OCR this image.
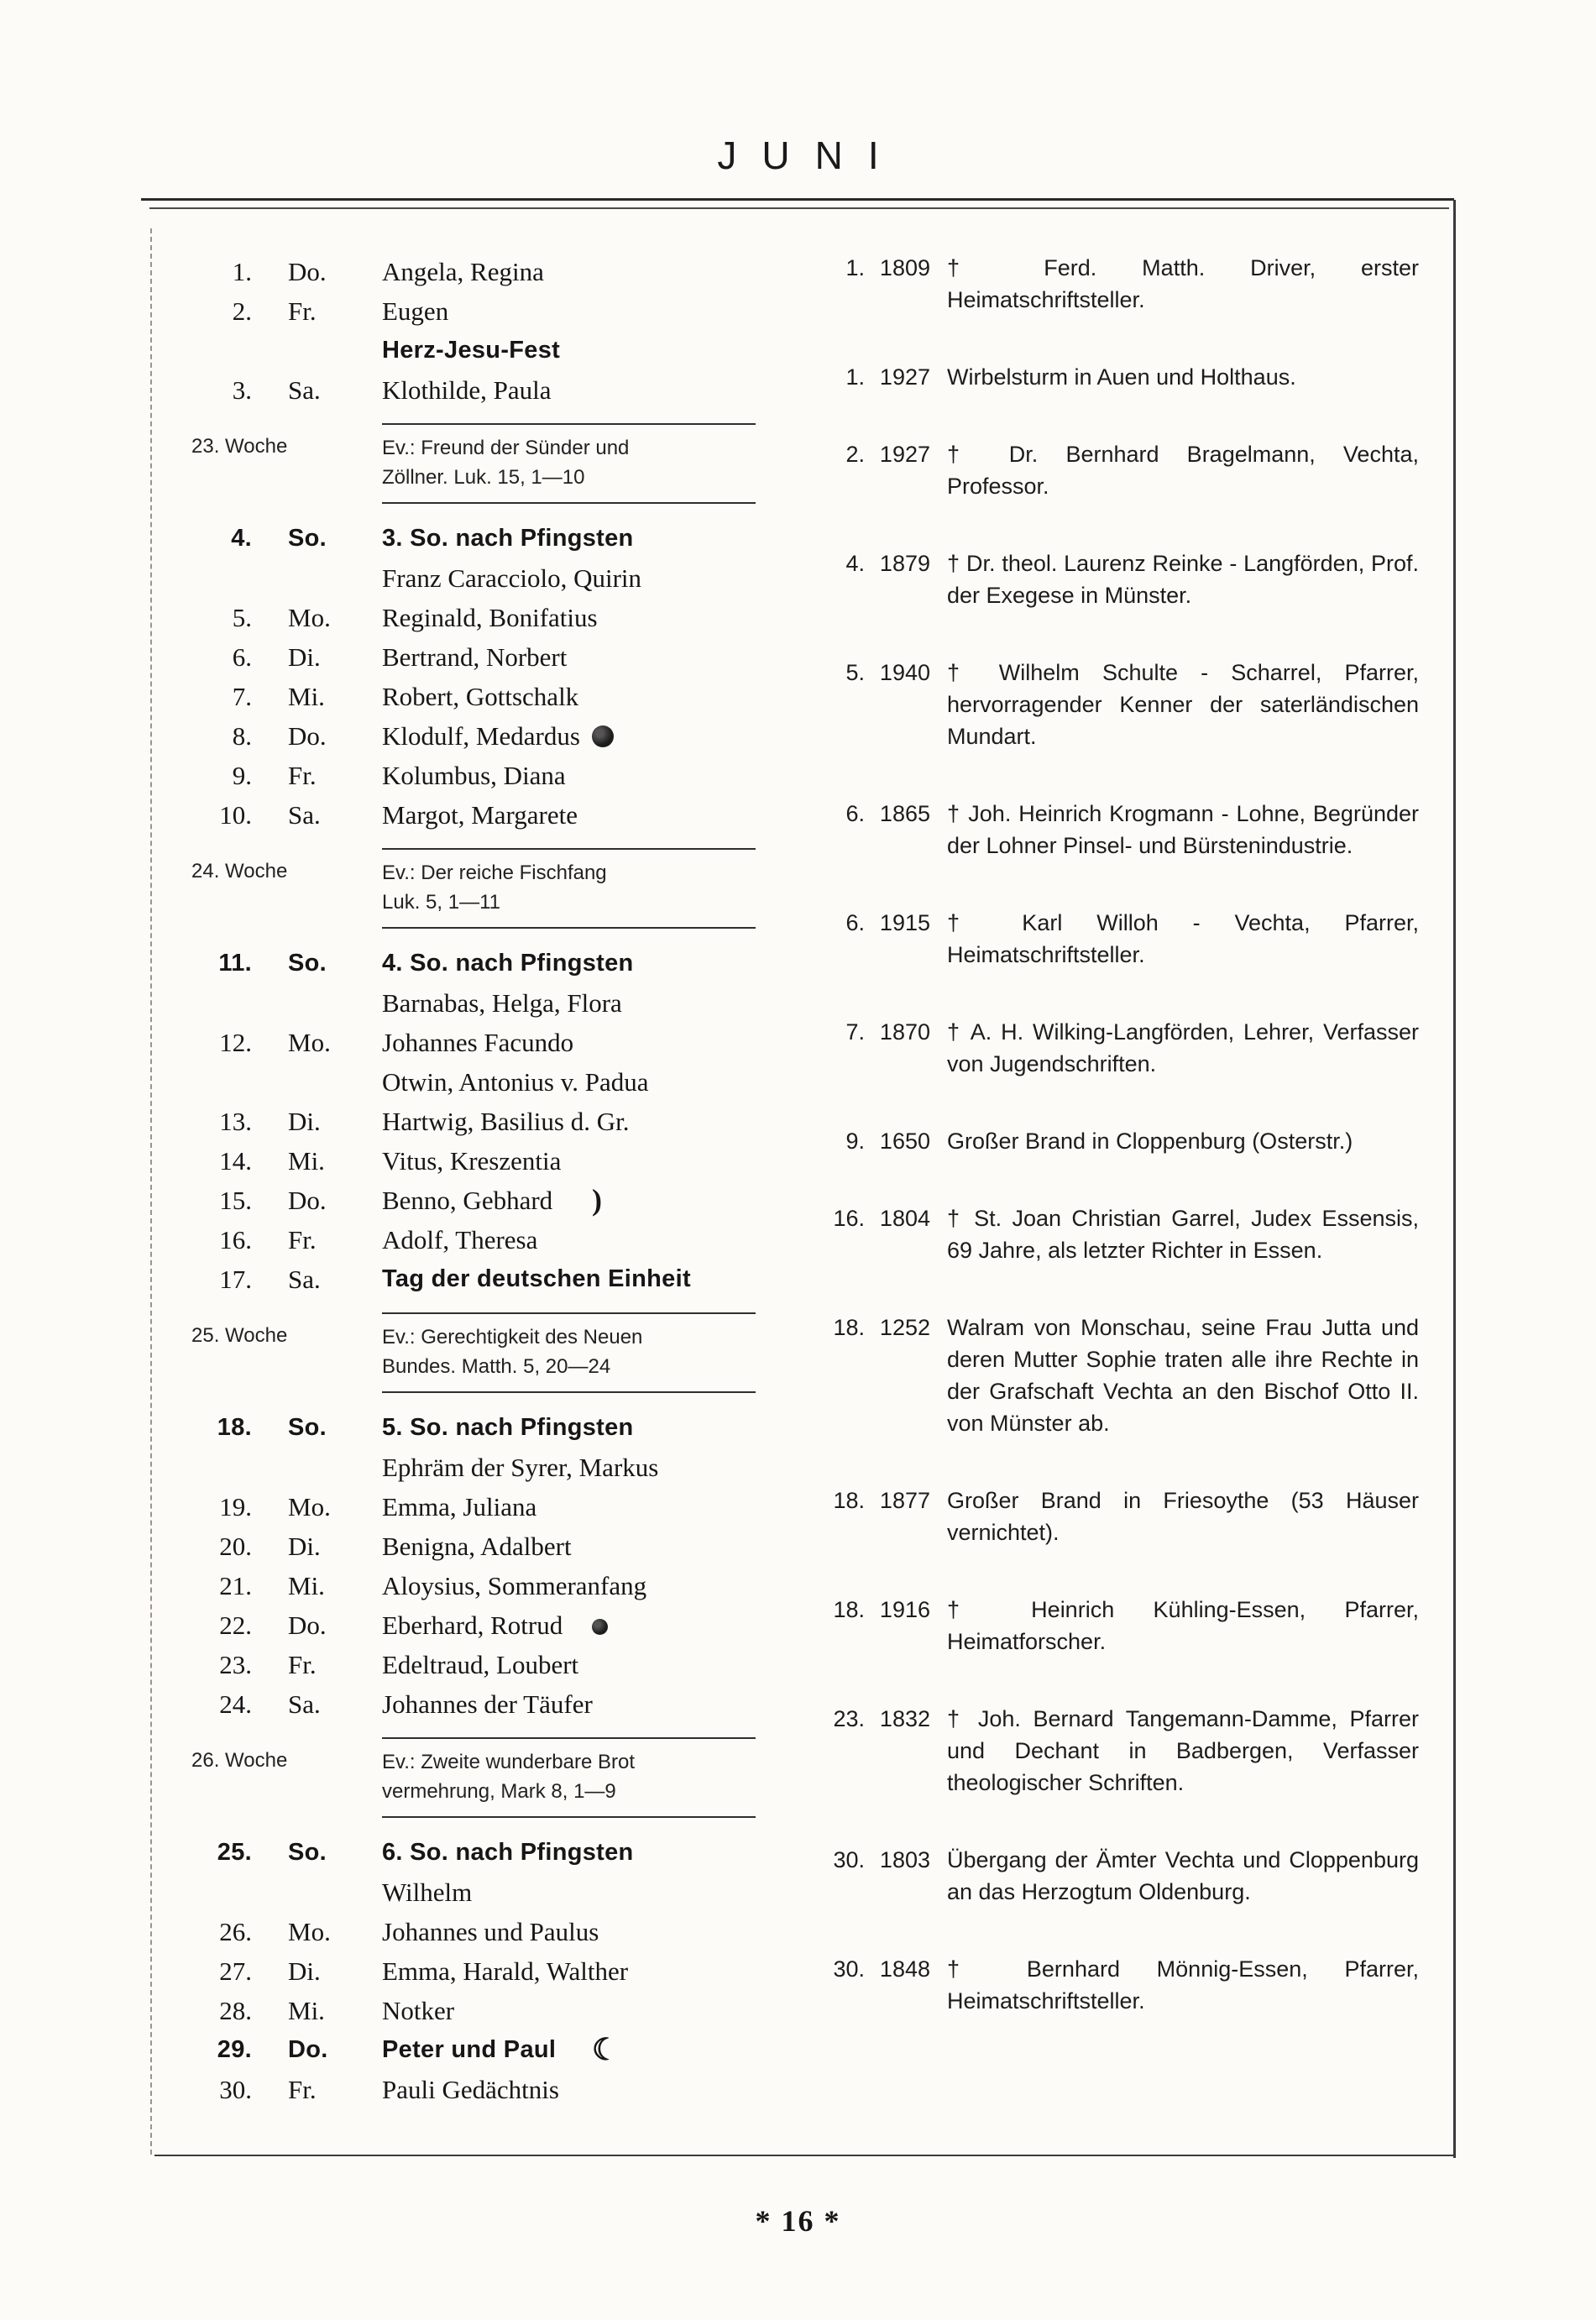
JUNI
1.	Do.	Angela, Regina
2.	Fr.	Eugen
Herz-Jesu-Fest
3.	Sa.	Klothilde, Paula
23. Woche	Ev.: Freund der Sünder und
Zöllner. Luk. 15, 1—10
4.	So.	3. So. nach Pfingsten
Franz Caracciolo, Quirin
5.	Mo.	Reginald, Bonifatius
6.	Di.	Bertrand, Norbert
7.	Mi.	Robert, Gottschalk
8.	Do.	Klodulf, Medardus
9.	Fr.	Kolumbus, Diana
10.	Sa.	Margot, Margarete
24. Woche	Ev.: Der reiche Fischfang
Luk. 5, 1—11
11.	So.	4. So. nach Pfingsten
Barnabas, Helga, Flora
12.	Mo.	Johannes Facundo
Otwin, Antonius v. Padua
13.	Di.	Hartwig, Basilius d. Gr.
14.	Mi.	Vitus, Kreszentia
15.	Do.	Benno, Gebhard )
16.	Fr.	Adolf, Theresa
17.	Sa.	Tag der deutschen Einheit
25. Woche	Ev.: Gerechtigkeit des Neuen
Bundes. Matth. 5, 20—24
18.	So.	5. So. nach Pfingsten
Ephräm der Syrer, Markus
19.	Mo.	Emma, Juliana
20.	Di.	Benigna, Adalbert
21.	Mi.	Aloysius, Sommeranfang
22.	Do.	Eberhard, Rotrud
23.	Fr.	Edeltraud, Loubert
24.	Sa.	Johannes der Täufer
26. Woche	Ev.: Zweite wunderbare Brot
vermehrung, Mark 8, 1—9
25.	So.	6. So. nach Pfingsten
Wilhelm
26.	Mo.	Johannes und Paulus
27.	Di.	Emma, Harald, Walther
28.	Mi.	Notker
29.	Do.	Peter und Paul ☾
30.	Fr.	Pauli Gedächtnis
1. 1809 † Ferd. Matth. Driver, erster Heimatschriftsteller.
1. 1927 Wirbelsturm in Auen und Holthaus.
2. 1927 † Dr. Bernhard Bragelmann, Vechta, Professor.
4. 1879 † Dr. theol. Laurenz Reinke - Langförden, Prof. der Exegese in Münster.
5. 1940 † Wilhelm Schulte - Scharrel, Pfarrer, hervorragender Kenner der saterländischen Mundart.
6. 1865 † Joh. Heinrich Krogmann - Lohne, Begründer der Lohner Pinsel- und Bürstenindustrie.
6. 1915 † Karl Willoh - Vechta, Pfarrer, Heimatschriftsteller.
7. 1870 † A. H. Wilking-Langförden, Lehrer, Verfasser von Jugendschriften.
9. 1650 Großer Brand in Cloppenburg (Osterstr.)
16. 1804 † St. Joan Christian Garrel, Judex Essensis, 69 Jahre, als letzter Richter in Essen.
18. 1252 Walram von Monschau, seine Frau Jutta und deren Mutter Sophie traten alle ihre Rechte in der Grafschaft Vechta an den Bischof Otto II. von Münster ab.
18. 1877 Großer Brand in Friesoythe (53 Häuser vernichtet).
18. 1916 † Heinrich Kühling-Essen, Pfarrer, Heimatforscher.
23. 1832 † Joh. Bernard Tangemann-Damme, Pfarrer und Dechant in Badbergen, Verfasser theologischer Schriften.
30. 1803 Übergang der Ämter Vechta und Cloppenburg an das Herzogtum Oldenburg.
30. 1848 † Bernhard Mönnig-Essen, Pfarrer, Heimatschriftsteller.
* 16 *
